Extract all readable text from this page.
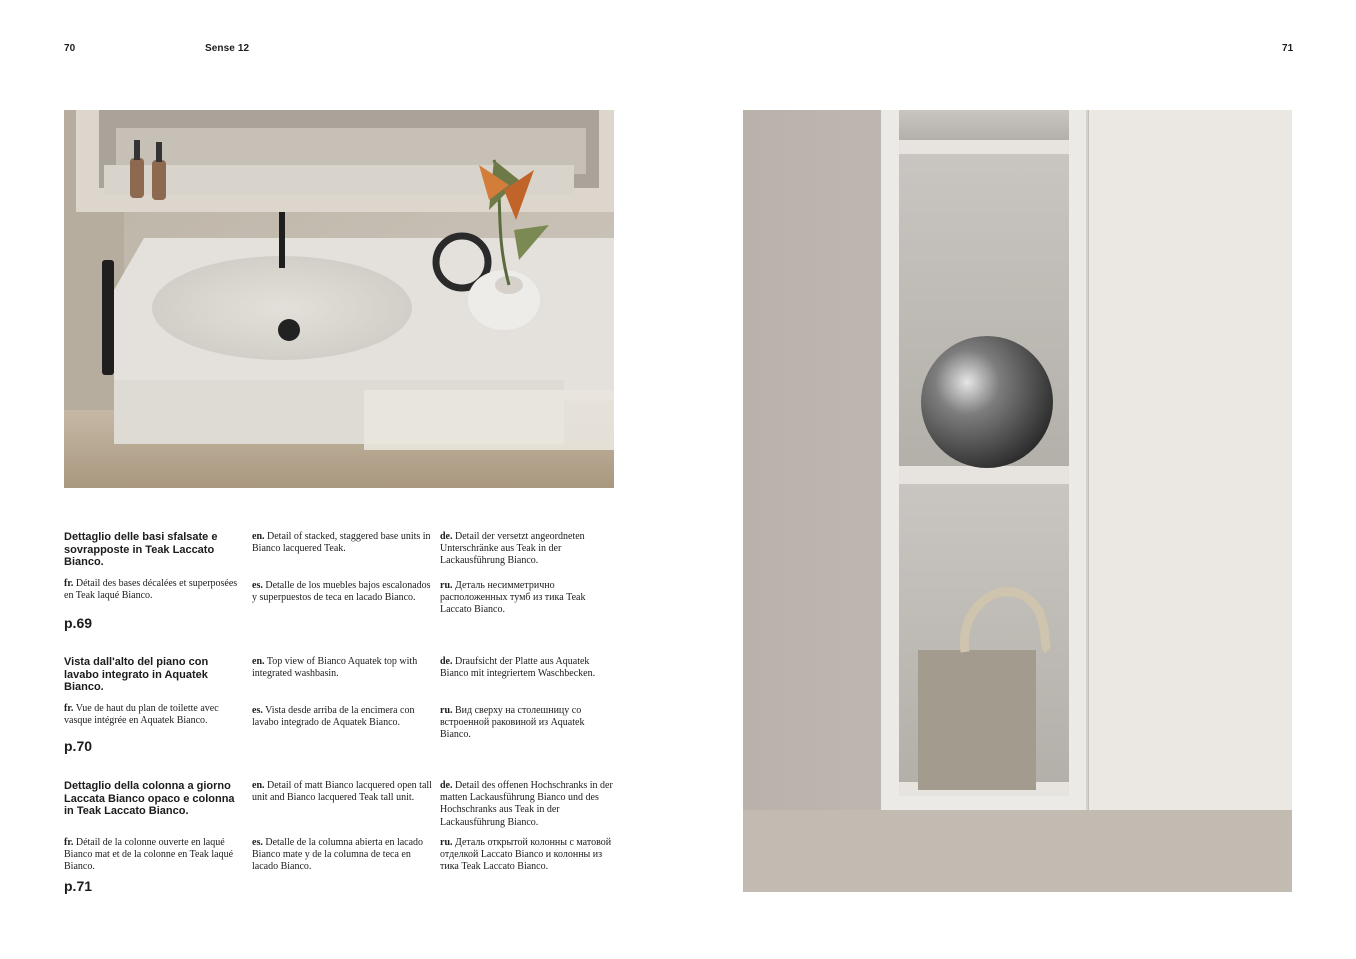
70	Sense 12	71

Dettaglio delle basi sfalsate e sovrapposte in Teak Laccato Bianco.

fr. Détail des bases décalées et superposées en Teak laqué Bianco.

en. Detail of stacked, staggered base units in Bianco lacquered Teak.

es. Detalle de los muebles bajos escalonados y superpuestos de teca en lacado Bianco.

de. Detail der versetzt angeordneten Unterschränke aus Teak in der Lackausführung Bianco.

ru. Деталь несимметрично расположенных тумб из тика Teak Laccato Bianco.

p.69

Vista dall'alto del piano con lavabo integrato in Aquatek Bianco.

fr. Vue de haut du plan de toilette avec vasque intégrée en Aquatek Bianco.

en. Top view of Bianco Aquatek top with integrated washbasin.

es. Vista desde arriba de la encimera con lavabo integrado de Aquatek Bianco.

de. Draufsicht der Platte aus Aquatek Bianco mit integriertem Waschbecken.

ru. Вид сверху на столешницу со встроенной раковиной из Aquatek Bianco.

p.70

Dettaglio della colonna a giorno Laccata Bianco opaco e colonna in Teak Laccato Bianco.

fr. Détail de la colonne ouverte en laqué Bianco mat et de la colonne en Teak laqué Bianco.

en. Detail of matt Bianco lacquered open tall unit and Bianco lacquered Teak tall unit.

es. Detalle de la columna abierta en lacado Bianco mate y de la columna de teca en lacado Bianco.

de. Detail des offenen Hochschranks in der matten Lackausführung Bianco und des Hochschranks aus Teak in der Lackausführung Bianco.

ru. Деталь открытой колонны с матовой отделкой Laccato Bianco и колонны из тика Teak Laccato Bianco.

p.71
